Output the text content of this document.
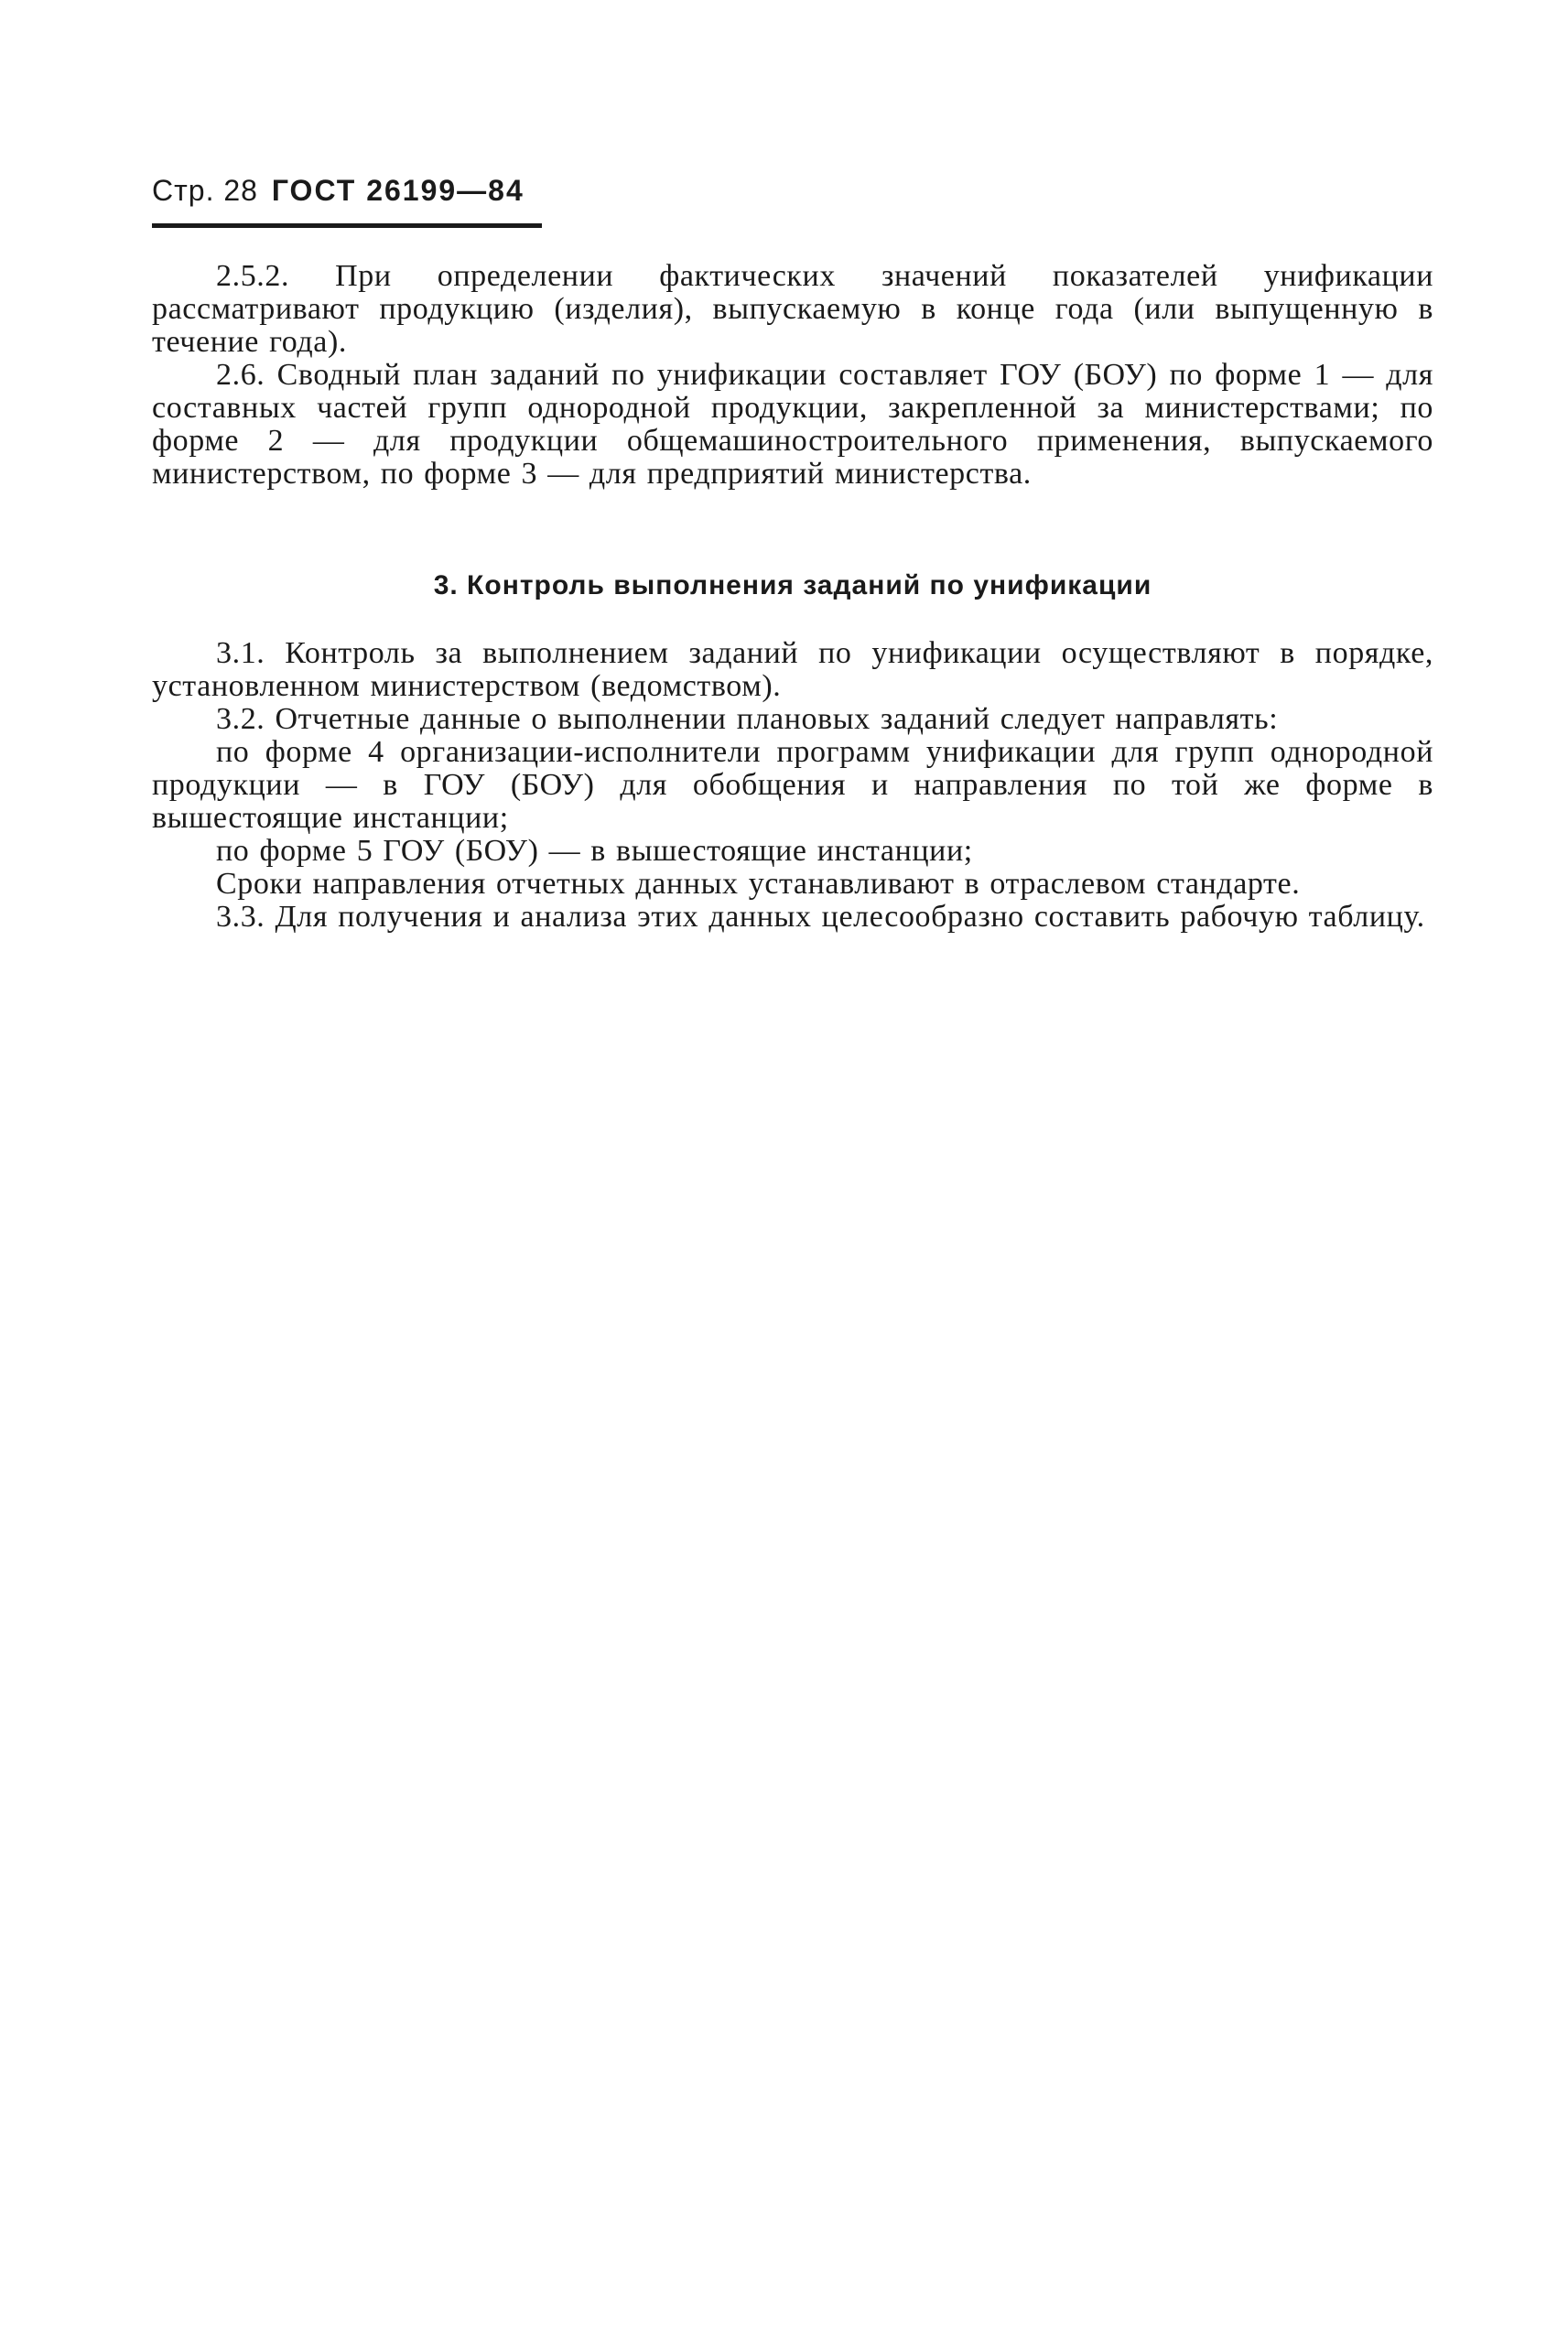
Стр. 28 ГОСТ 26199—84

2.5.2. При определении фактических значений показателей унификации рассматривают продукцию (изделия), выпускаемую в конце года (или выпущенную в течение года).

2.6. Сводный план заданий по унификации составляет ГОУ (БОУ) по форме 1 — для составных частей групп однородной продукции, закрепленной за министерствами; по форме 2 — для продукции общемашиностроительного применения, выпускаемого министерством, по форме 3 — для предприятий министерства.

3. Контроль выполнения заданий по унификации

3.1. Контроль за выполнением заданий по унификации осуществляют в порядке, установленном министерством (ведомством).

3.2. Отчетные данные о выполнении плановых заданий следует направлять:

по форме 4 организации-исполнители программ унификации для групп однородной продукции — в ГОУ (БОУ) для обобщения и направления по той же форме в вышестоящие инстанции;

по форме 5 ГОУ (БОУ) — в вышестоящие инстанции;

Сроки направления отчетных данных устанавливают в отраслевом стандарте.

3.3. Для получения и анализа этих данных целесообразно составить рабочую таблицу.
